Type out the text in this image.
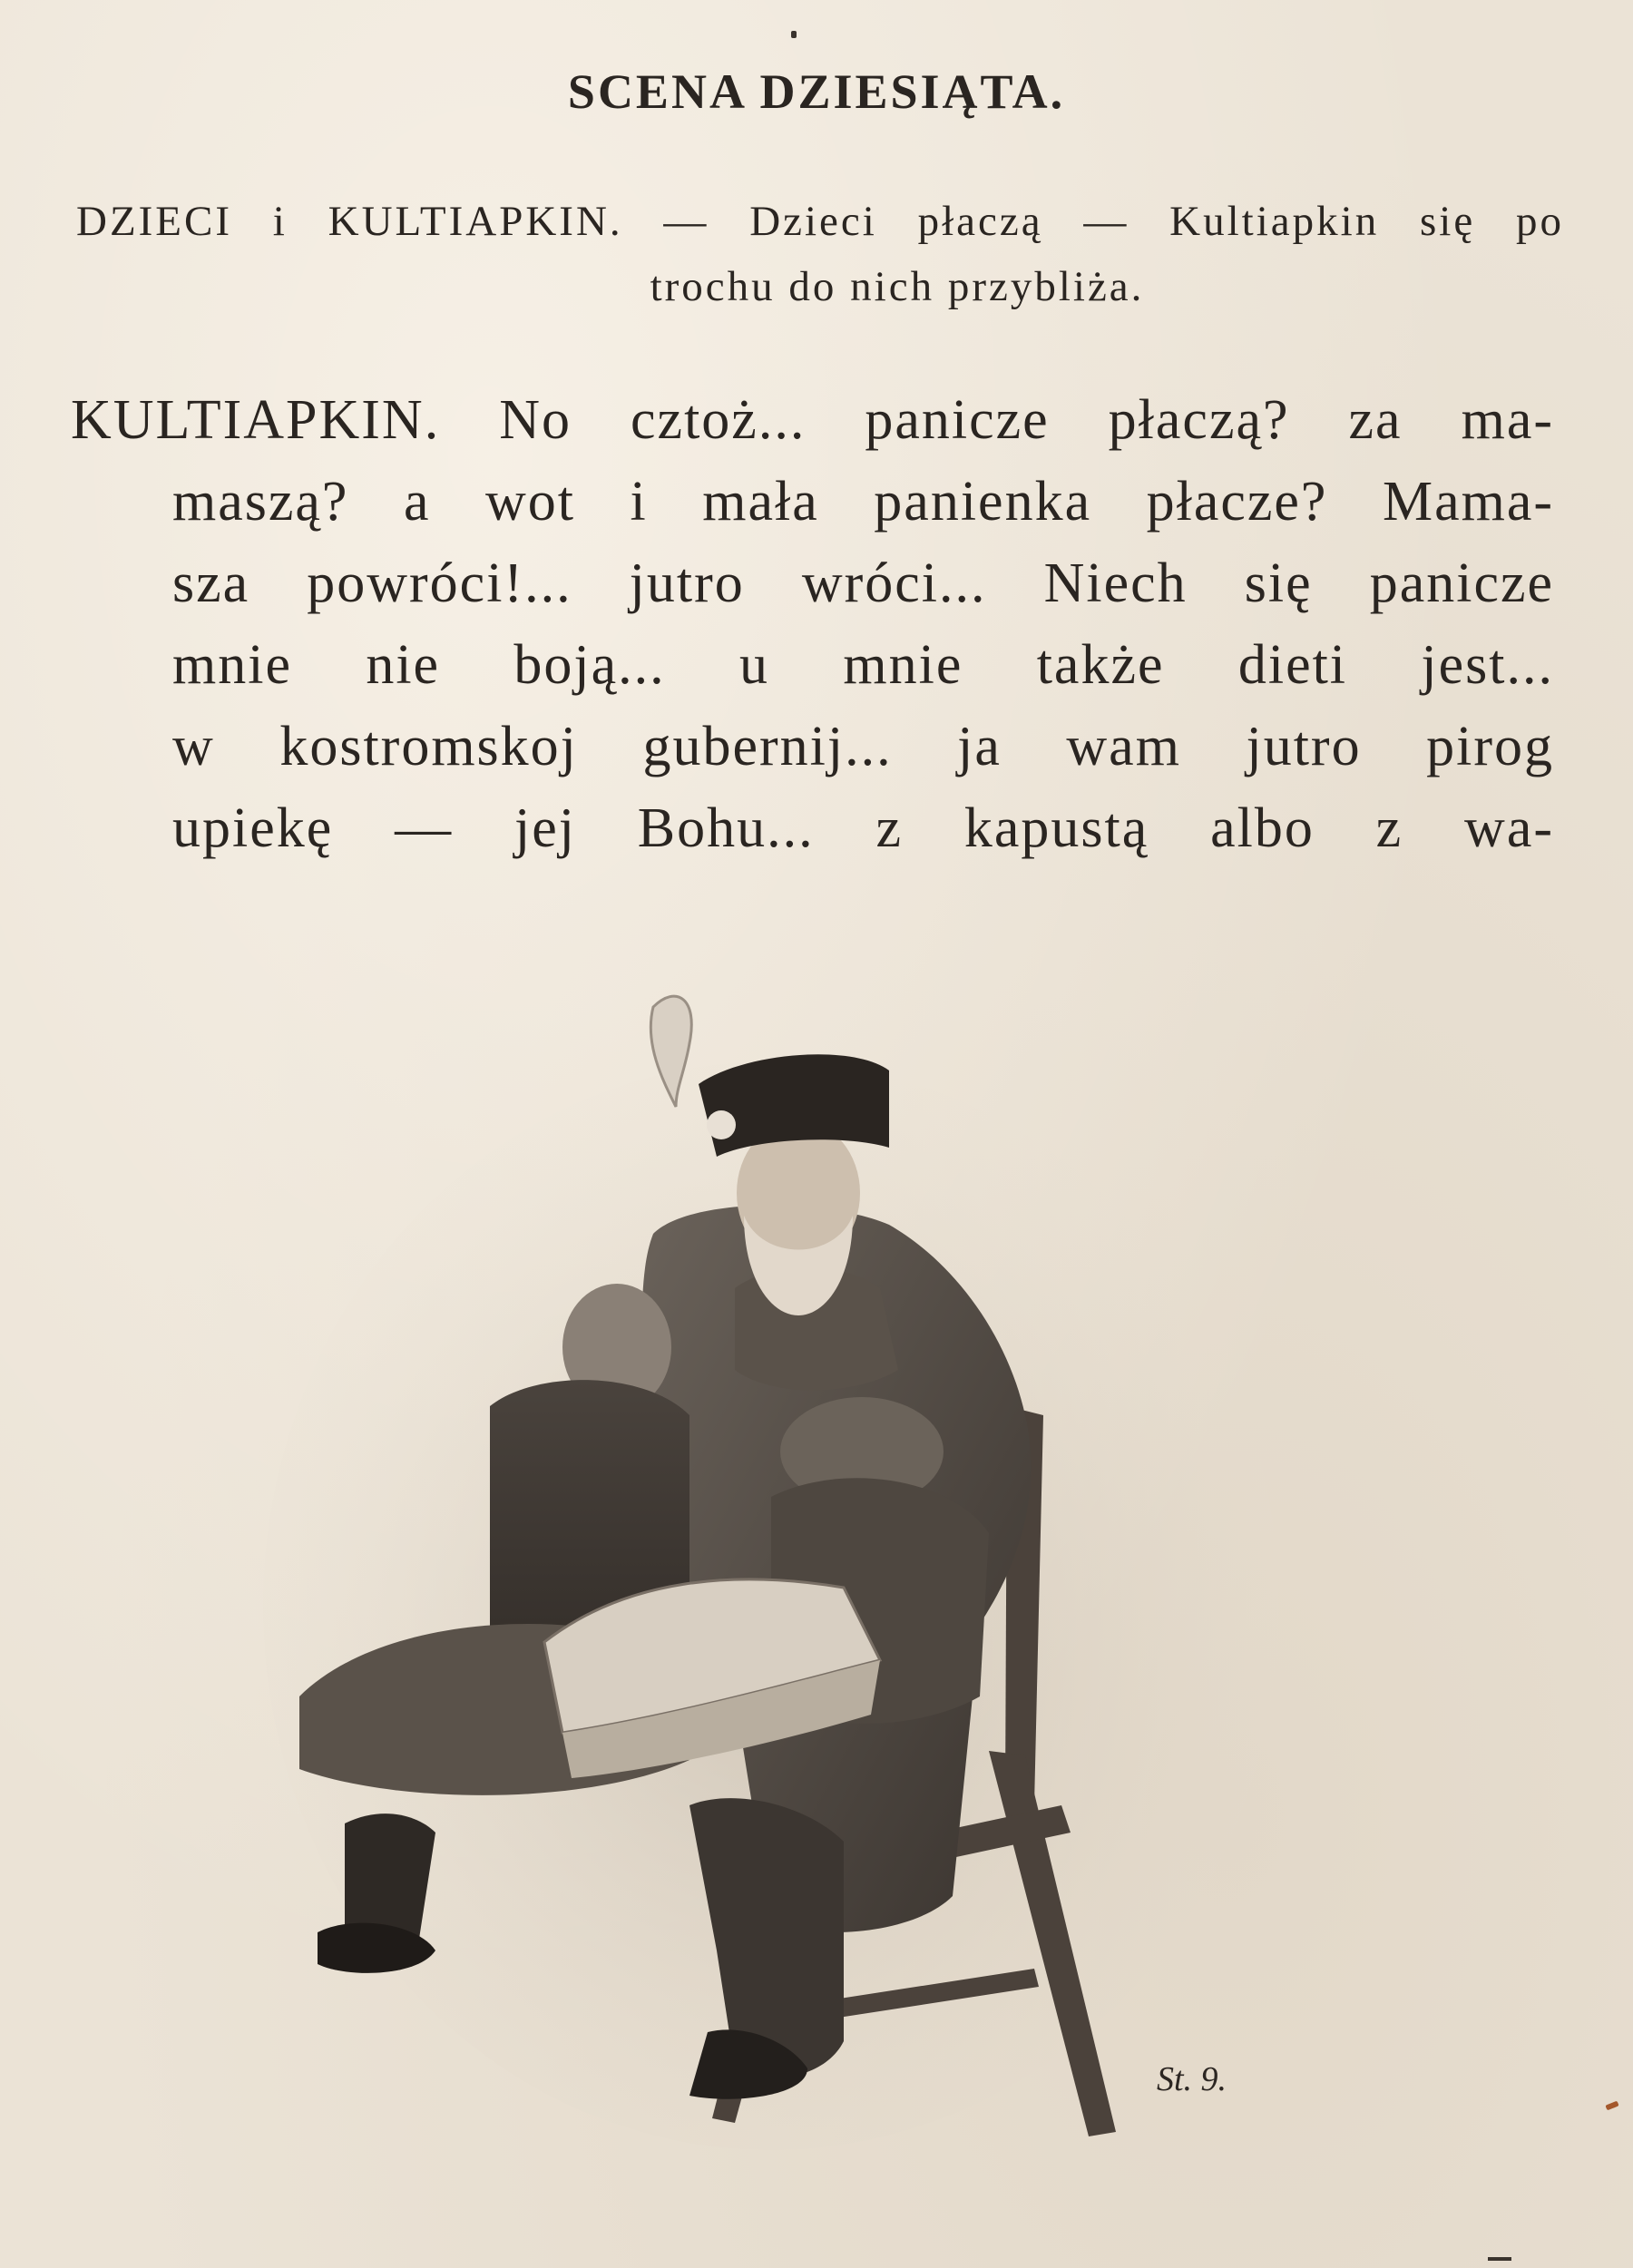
SCENA DZIESIĄTA.
DZIECI i KULTIAPKIN. — Dzieci płaczą — Kultiapkin się po
trochu do nich przybliża.
KULTIAPKIN. No cztoż... panicze płaczą? za ma-
maszą? a wot i mała panienka płacze? Mama-
sza powróci!... jutro wróci... Niech się panicze
mnie nie boją... u mnie także dieti jest...
w kostromskoj gubernij... ja wam jutro pirog
upiekę — jej Bohu... z kapustą albo z wa-
St. 9.
